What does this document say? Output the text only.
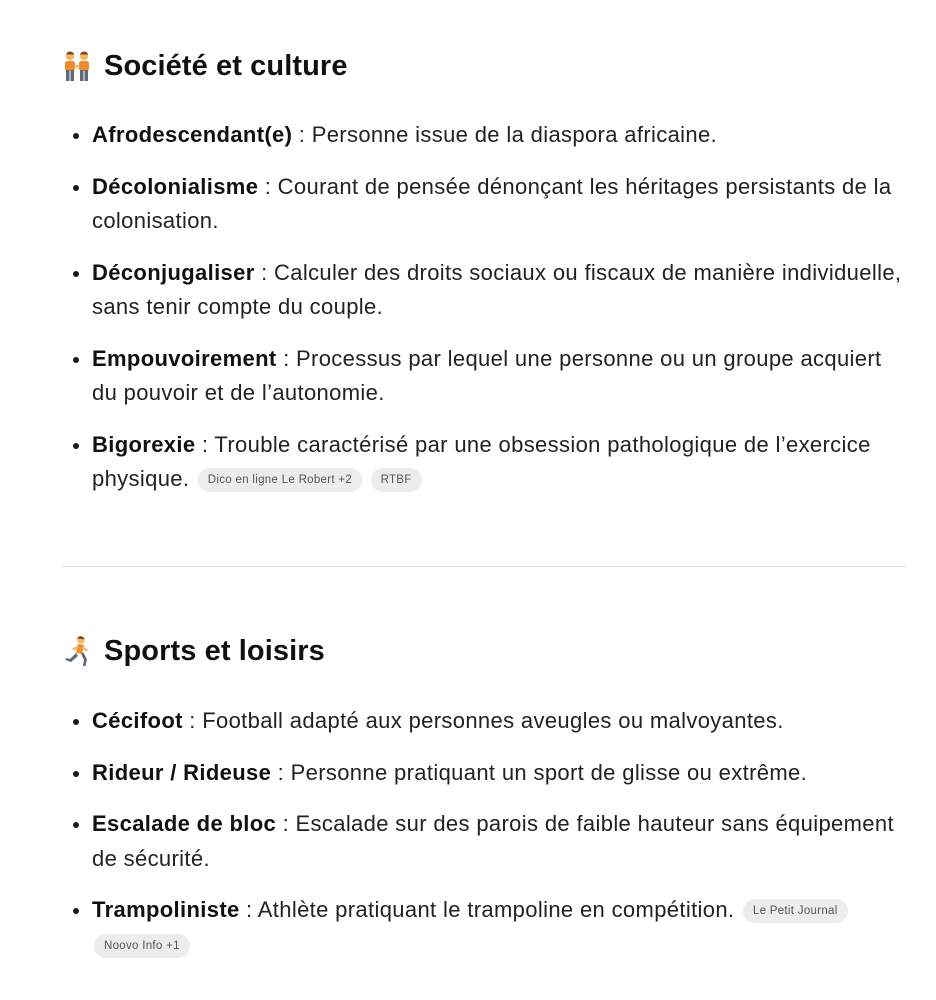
Société et culture
Afrodescendant(e) : Personne issue de la diaspora africaine.
Décolonialisme : Courant de pensée dénonçant les héritages persistants de la colonisation.
Déconjugaliser : Calculer des droits sociaux ou fiscaux de manière individuelle, sans tenir compte du couple.
Empouvoirement : Processus par lequel une personne ou un groupe acquiert du pouvoir et de l’autonomie.
Bigorexie : Trouble caractérisé par une obsession pathologique de l’exercice physique. Dico en ligne Le Robert +2 RTBF
Sports et loisirs
Cécifoot : Football adapté aux personnes aveugles ou malvoyantes.
Rideur / Rideuse : Personne pratiquant un sport de glisse ou extrême.
Escalade de bloc : Escalade sur des parois de faible hauteur sans équipement de sécurité.
Trampoliniste : Athlète pratiquant le trampoline en compétition. Le Petit Journal Noovo Info +1
